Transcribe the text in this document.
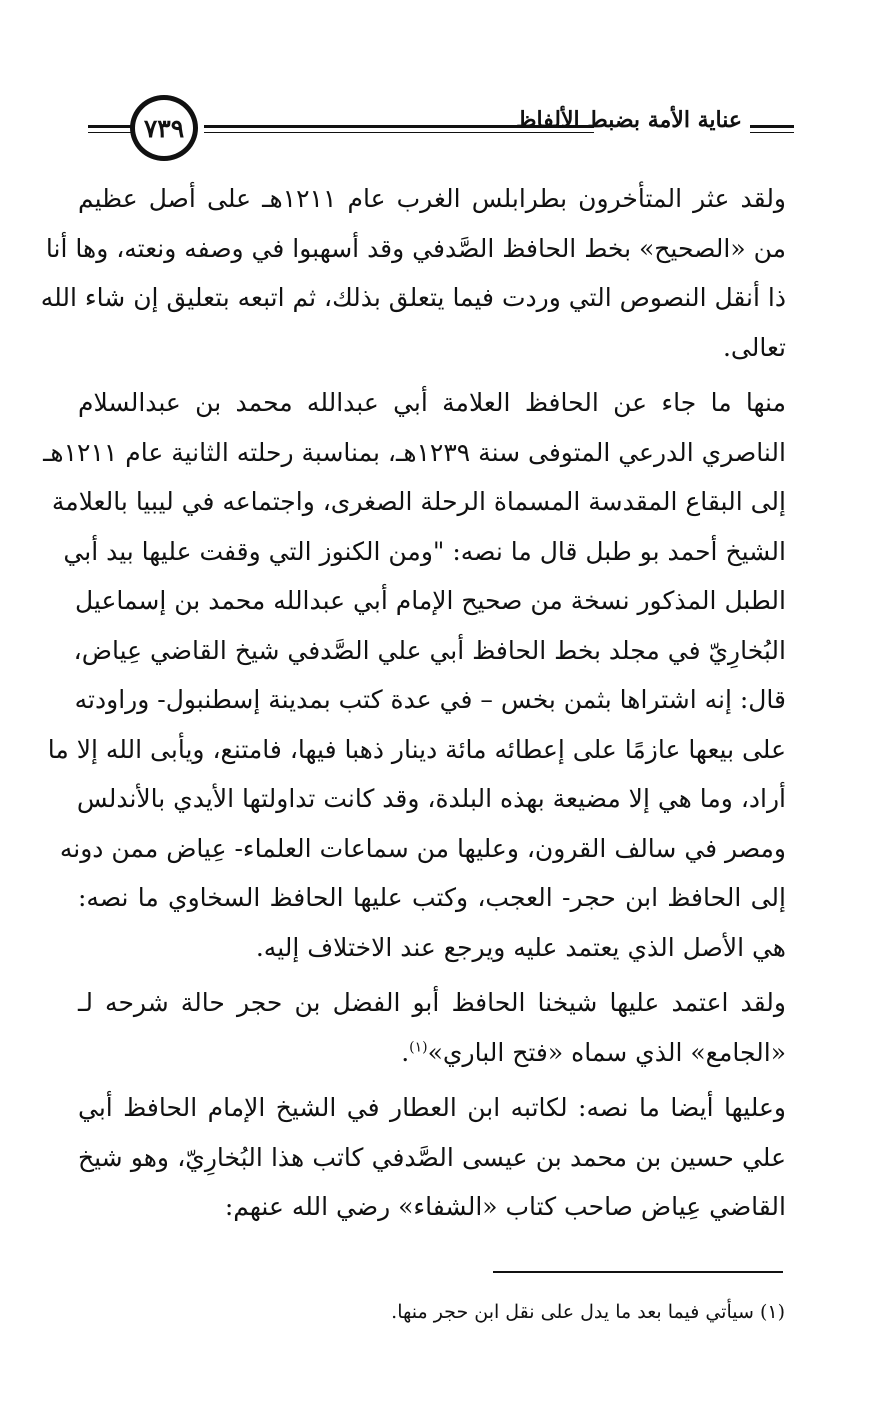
٧٣٩	عناية الأمة بضبط الألفاظ
ولقد عثر المتأخرون بطرابلس الغرب عام ١٢١١هـ على أصل عظيم
من «الصحيح» بخط الحافظ الصَّدفي وقد أسهبوا في وصفه ونعته، وها أنا
ذا أنقل النصوص التي وردت فيما يتعلق بذلك، ثم اتبعه بتعليق إن شاء الله
تعالى.
منها ما جاء عن الحافظ العلامة أبي عبدالله محمد بن عبدالسلام
الناصري الدرعي المتوفى سنة ١٢٣٩هـ، بمناسبة رحلته الثانية عام ١٢١١هـ
إلى البقاع المقدسة المسماة الرحلة الصغرى، واجتماعه في ليبيا بالعلامة
الشيخ أحمد بو طبل قال ما نصه: "ومن الكنوز التي وقفت عليها بيد أبي
الطبل المذكور نسخة من صحيح الإمام أبي عبدالله محمد بن إسماعيل
البُخارِيّ في مجلد بخط الحافظ أبي علي الصَّدفي شيخ القاضي عِياض،
قال: إنه اشتراها بثمن بخس – في عدة كتب بمدينة إسطنبول- وراودته
على بيعها عازمًا على إعطائه مائة دينار ذهبا فيها، فامتنع، ويأبى الله إلا ما
أراد، وما هي إلا مضيعة بهذه البلدة، وقد كانت تداولتها الأيدي بالأندلس
ومصر في سالف القرون، وعليها من سماعات العلماء- عِياض ممن دونه
إلى الحافظ ابن حجر- العجب، وكتب عليها الحافظ السخاوي ما نصه:
هي الأصل الذي يعتمد عليه ويرجع عند الاختلاف إليه.
ولقد اعتمد عليها شيخنا الحافظ أبو الفضل بن حجر حالة شرحه لـ
«الجامع» الذي سماه «فتح الباري»$^{(١)}$.
وعليها أيضا ما نصه: لكاتبه ابن العطار في الشيخ الإمام الحافظ أبي
علي حسين بن محمد بن عيسى الصَّدفي كاتب هذا البُخارِيّ، وهو شيخ
القاضي عِياض صاحب كتاب «الشفاء» رضي الله عنهم:
(١) سيأتي فيما بعد ما يدل على نقل ابن حجر منها.
